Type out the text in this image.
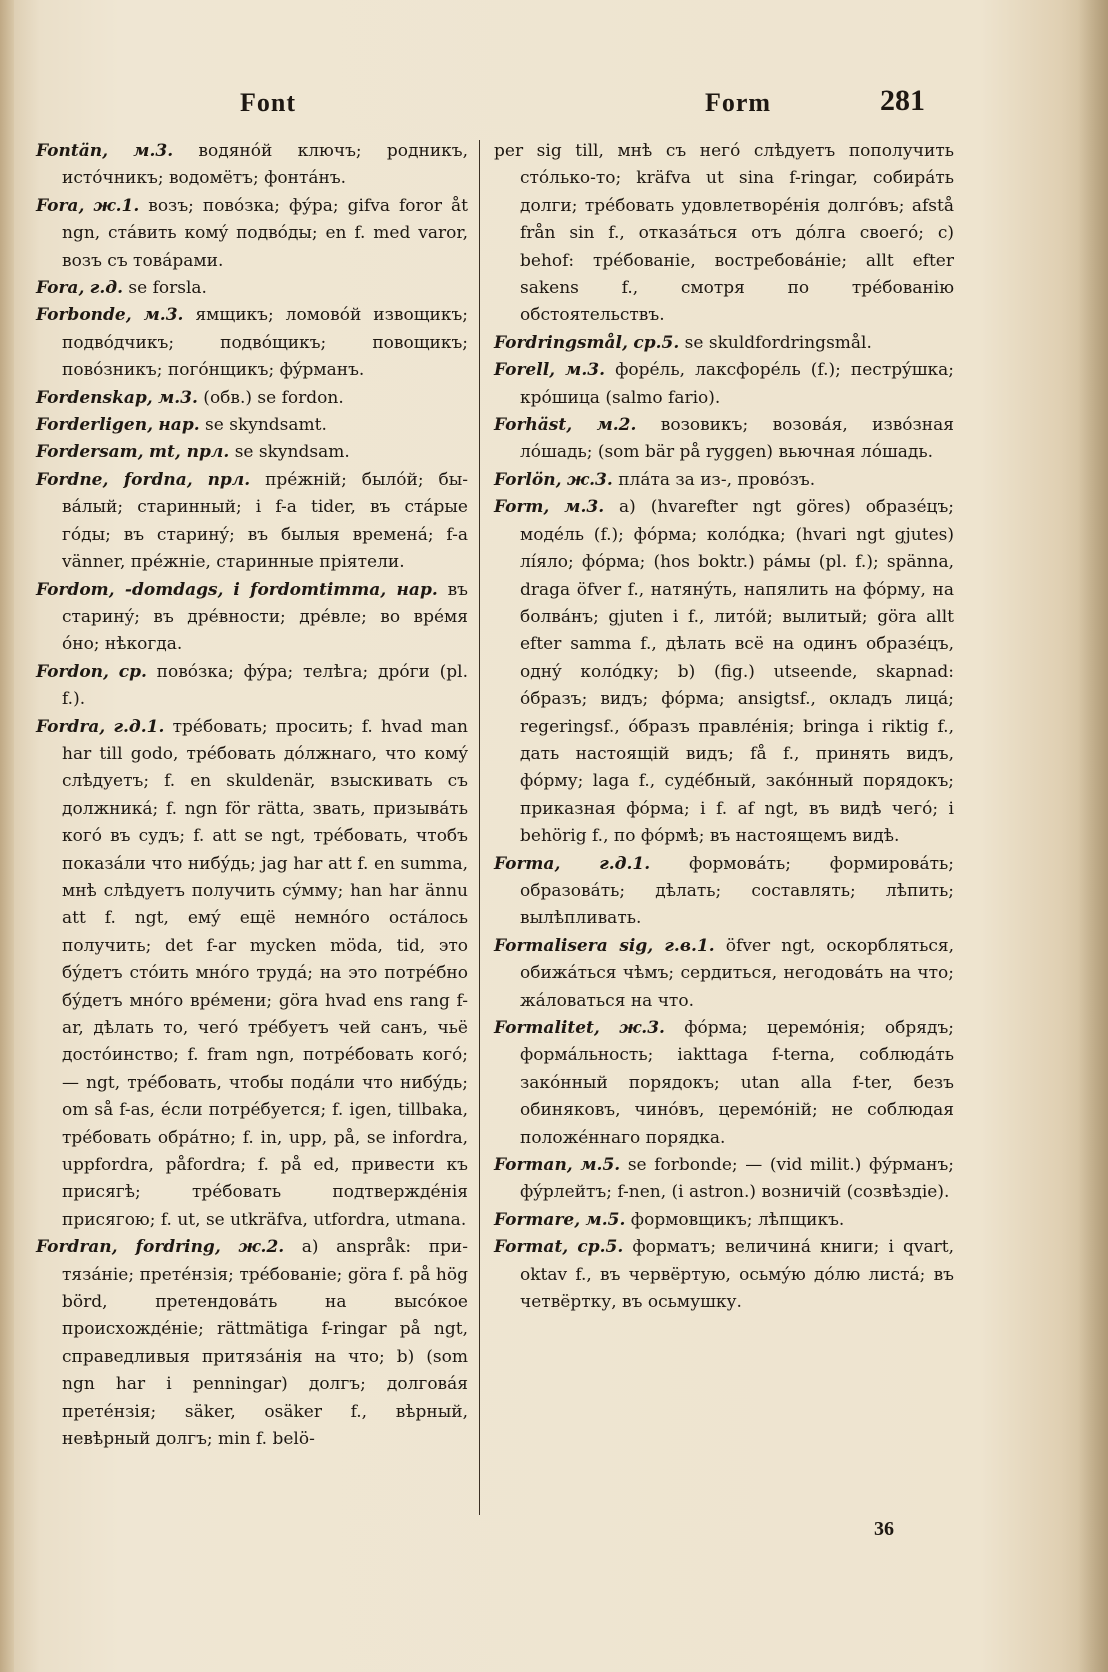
Font	Form	281

Fontän, м.3. водянóй ключъ; родникъ, истóчникъ; водомётъ; фонтáнъ.

Fora, ж.1. возъ; повóзка; фýра; gifva foror åt ngn, стáвить комý подвóды; en f. med varor, возъ съ товáрами.

Fora, г.д. se forsla.

Forbonde, м.3. ямщикъ; ломовóй извощикъ; подвóдчикъ; подвóщикъ; повощикъ; повóзникъ; погóнщикъ; фýрманъ.

Fordenskap, м.3. (обв.) se fordon.

Forderligen, нар. se skyndsamt.

Fordersam, mt, прл. se skyndsam.

Fordne, fordna, прл. прéжній; былóй; бывáлый; старинный; i f-a tider, въ стáрые гóды; въ старинý; въ былыя временá; f-a vänner, прéжніе, старинные пріятели.

Fordom, -domdags, i fordomtimma, нар. въ старинý; въ дрéвности; дрéвле; во врéмя óно; нѣкогда.

Fordon, ср. повóзка; фýра; телѣга; дрóги (pl. f.).

Fordra, г.д.1. трéбовать; просить; f. hvad man har till godo, трéбовать дóлжнаго, что комý слѣдуетъ; f. en skuldenär, взыскивать съ должникá; f. ngn för rätta, звать, призывáть когó въ судъ; f. att se ngt, трéбовать, чтобъ показáли что нибýдь; jag har att f. en summa, мнѣ слѣдуетъ получить сýмму; han har ännu att f. ngt, емý ещё немнóго остáлось получить; det f-ar mycken möda, tid, это бýдетъ стóить мнóго трудá; на это потрéбно бýдетъ мнóго врéмени; göra hvad ens rang f-ar, дѣлать то, чегó трéбуетъ чей санъ, чьё достóинство; f. fram ngn, потрéбовать когó; — ngt, трéбовать, чтобы подáли что нибýдь; om så f-as, éсли потрéбуется; f. igen, tillbaka, трéбовать обрáтно; f. in, upp, på, se infordra, uppfordra, påfordra; f. på ed, привести къ присягѣ; трéбовать подтверждéнія присягою; f. ut, se utkräfva, utfordra, utmana.

Fordran, fordring, ж.2. a) anspråk: притязáніе; претéнзія; трéбованіе; göra f. på hög börd, претендовáть на высóкое происхождéніе; rättmätiga f-ringar på ngt, справедливыя притязáнія на что; b) (som ngn har i penningar) долгъ; долговáя претéнзія; säker, osäker f., вѣрный, невѣрный долгъ; min f. belö-

per sig till, мнѣ съ негó слѣдуетъ пополучить стóлько-то; kräfva ut sina f-ringar, собирáть долги; трéбовать удовлетворéнія долгóвъ; afstå från sin f., отказáться отъ дóлга своегó; c) behof: трéбованіе, востребовáніе; allt efter sakens f., смотря по трéбованію обстоятельствъ.

Fordringsmål, ср.5. se skuldfordringsmål.

Forell, м.3. форéль, лаксфорéль (f.); пестрýшка; крóшица (salmo fario).

Forhäst, м.2. возовикъ; возовáя, извóзная лóшадь; (som bär på ryggen) вьючная лóшадь.

Forlön, ж.3. плáта за из-, провóзъ.

Form, м.3. a) (hvarefter ngt göres) образéцъ; модéль (f.); фóрма; колóдка; (hvari ngt gjutes) лíяло; фóрма; (hos boktr.) рáмы (pl. f.); spänna, draga öfver f., натянýть, напялить на фóрму, на болвáнъ; gjuten i f., литóй; вылитый; göra allt efter samma f., дѣлать всё на одинъ образéцъ, однý колóдку; b) (fig.) utseende, skapnad: óбразъ; видъ; фóрма; ansigtsf., окладъ лицá; regeringsf., óбразъ правлéнія; bringa i riktig f., дать настоящій видъ; få f., принять видъ, фóрму; laga f., судéбный, закóнный порядокъ; приказная фóрма; i f. af ngt, въ видѣ чегó; i behörig f., по фóрмѣ; въ настоящемъ видѣ.

Forma, г.д.1. формовáть; формировáть; образовáть; дѣлать; составлять; лѣпить; вылѣпливать.

Formalisera sig, г.в.1. öfver ngt, оскорбляться, обижáться чѣмъ; сердиться, негодовáть на что; жáловаться на что.

Formalitet, ж.3. фóрма; церемóнія; обрядъ; формáльность; iakttaga f-terna, соблюдáть закóнный порядокъ; utan alla f-ter, безъ обиняковъ, чинóвъ, церемóній; не соблюдая положéннаго порядка.

Forman, м.5. se forbonde; — (vid milit.) фýрманъ; фýрлейтъ; f-nen, (i astron.) возничій (созвѣздіе).

Formare, м.5. формовщикъ; лѣпщикъ.

Format, ср.5. форматъ; величинá книги; i qvart, oktav f., въ червёртую, осьмýю дóлю листá; въ четвёртку, въ осьмушку.

36
